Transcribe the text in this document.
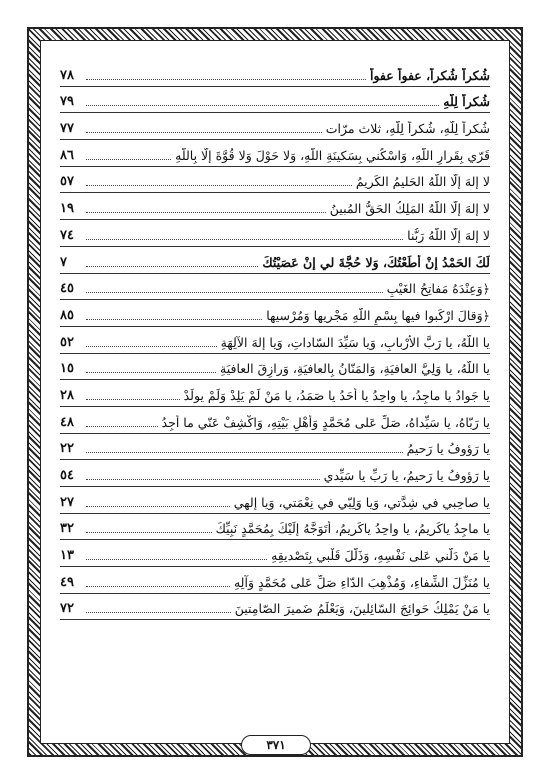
شُكراً شُكراً، عفواً عفواً
٧٨
شُكراً لِلّهِ
٧٩
شُكراً لِلّهِ، شُكراً لِلّهِ، ثلاث مرّات
٧٧
قَرّي بِقَرارِ اللّهِ، وَاسْكُني بِسَكينَةِ اللّهِ، وَلا حَوْلَ وَلا قُوَّةَ إلّا بِاللّهِ
٨٦
لا إلهَ إلّا اللّهُ الحَليمُ الكَريمُ
٥٧
لا إلهَ إلّا اللّهُ المَلِكُ الحَقُّ المُبينُ
١٩
لا إلهَ إلّا اللّهُ رَبُّنا
٧٤
لَكَ الحَمْدُ إنْ أطَعْتُكَ، وَلا حُجَّةَ لي إنْ عَصَيْتُكَ
٧
﴿وَعِنْدَهُ مَفاتِحُ الغَيْبِ
٤٥
﴿وَقالَ ارْكَبوا فيها بِسْمِ اللّهِ مَجْريها وَمُرْسيها
٨٥
يا اللّهُ، يا رَبَّ الأرْبابِ، وَيا سَيِّدَ السّاداتِ، وَيا إلهَ الآلِهَةِ
٥٢
يا اللّهُ، يا وَلِيَّ العافيَةِ، وَالمَنّانُ بِالعافيَةِ، وَرازِقَ العافيَةِ
١٥
يا جَوادُ يا ماجِدُ، يا واحِدُ يا أحَدُ يا صَمَدُ، يا مَنْ لَمْ يَلِدْ وَلَمْ يولَدْ
٢٨
يا رَبّاهُ، يا سَيِّداهُ، صَلِّ عَلى مُحَمَّدٍ وَأهْلِ بَيْتِهِ، وَاكْشِفْ عَنّي ما أجِدُ
٤٨
يا رَؤوفُ يا رَحيمُ
٢٢
يا رَؤوفُ يا رَحيمُ، يا رَبِّ يا سَيِّدي
٥٤
يا صاحِبي في شِدَّتي، وَيا وَلِيّي في نِعْمَتي، وَيا إلهي
٢٧
يا ماجِدُ ياكَريمُ، يا واحِدُ ياكَريمُ، أتَوَجَّهُ إلَيْكَ بِمُحَمَّدٍ نَبِيِّكَ
٣٢
يا مَنْ دَلَّني عَلى نَفْسِهِ، وَذَلَّلَ قَلْبي بِتَصْديقِهِ
١٣
يا مُنَزِّلَ الشِّفاءِ، وَمُذْهِبَ الدّاءِ صَلِّ عَلى مُحَمَّدٍ وَآلِهِ
٤٩
يا مَنْ يَمْلِكُ حَوائِجَ السّائِلينَ، وَيَعْلَمُ ضَميرَ الصّامِتينَ
٧٢
٣٧١
